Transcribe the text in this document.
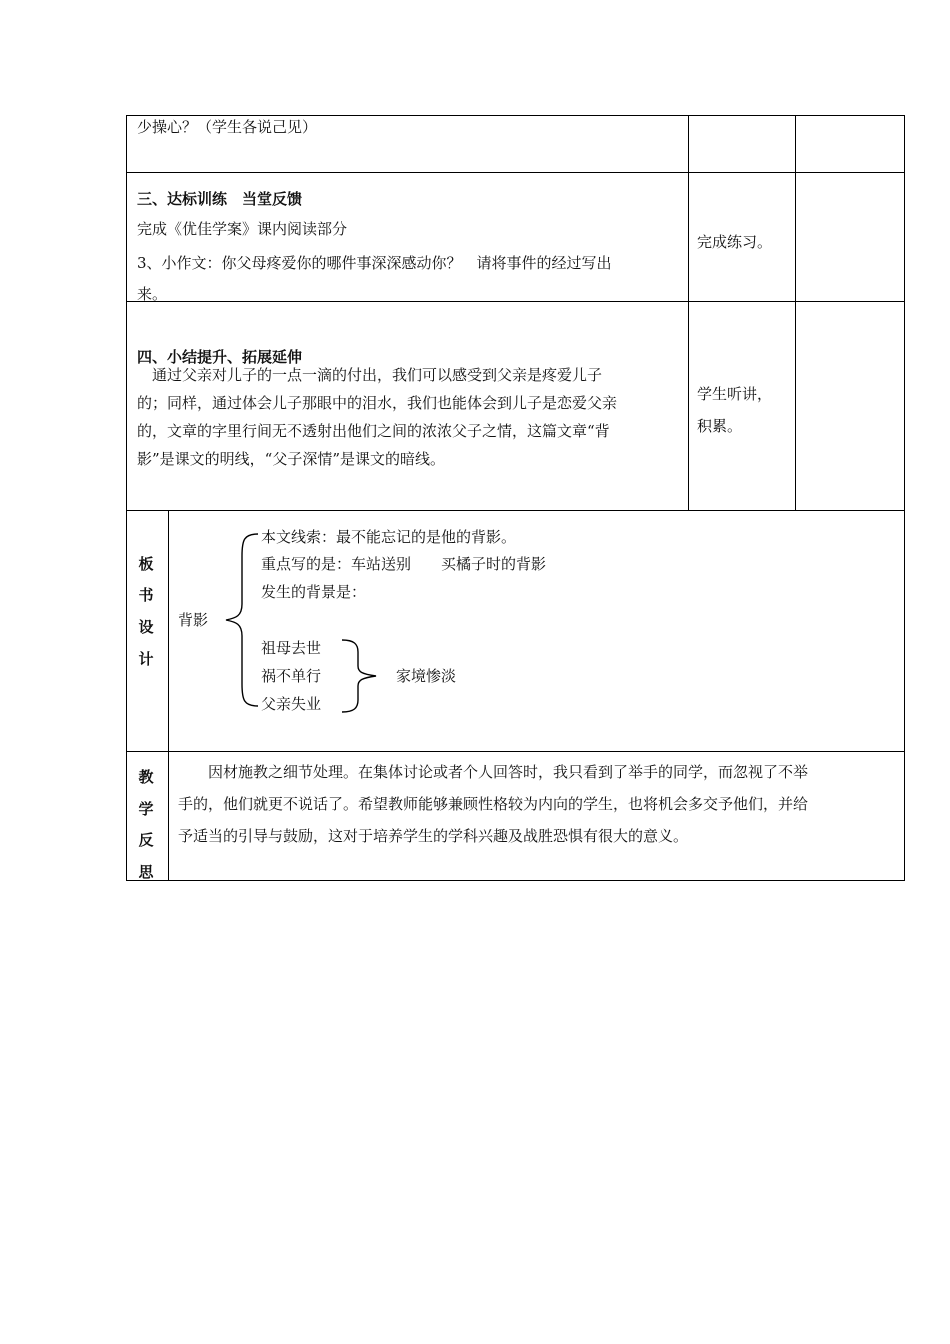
少操心？（学生各说己见）
三、达标训练　当堂反馈
完成《优佳学案》课内阅读部分
3、小作文：你父母疼爱你的哪件事深深感动你？　请将事件的经过写出
来。
完成练习。
四、小结提升、拓展延伸
　通过父亲对儿子的一点一滴的付出，我们可以感受到父亲是疼爱儿子
的；同样，通过体会儿子那眼中的泪水，我们也能体会到儿子是恋爱父亲
的，文章的字里行间无不透射出他们之间的浓浓父子之情，这篇文章“背
影”是课文的明线，“父子深情”是课文的暗线。
学生听讲，
积累。
板
书
设
计
背影
本文线索：最不能忘记的是他的背影。
重点写的是：车站送别　　买橘子时的背影
发生的背景是：
祖母去世
祸不单行
父亲失业
家境惨淡
教
学
反
思
　　因材施教之细节处理。在集体讨论或者个人回答时，我只看到了举手的同学，而忽视了不举
手的，他们就更不说话了。希望教师能够兼顾性格较为内向的学生，也将机会多交予他们，并给
予适当的引导与鼓励，这对于培养学生的学科兴趣及战胜恐惧有很大的意义。
